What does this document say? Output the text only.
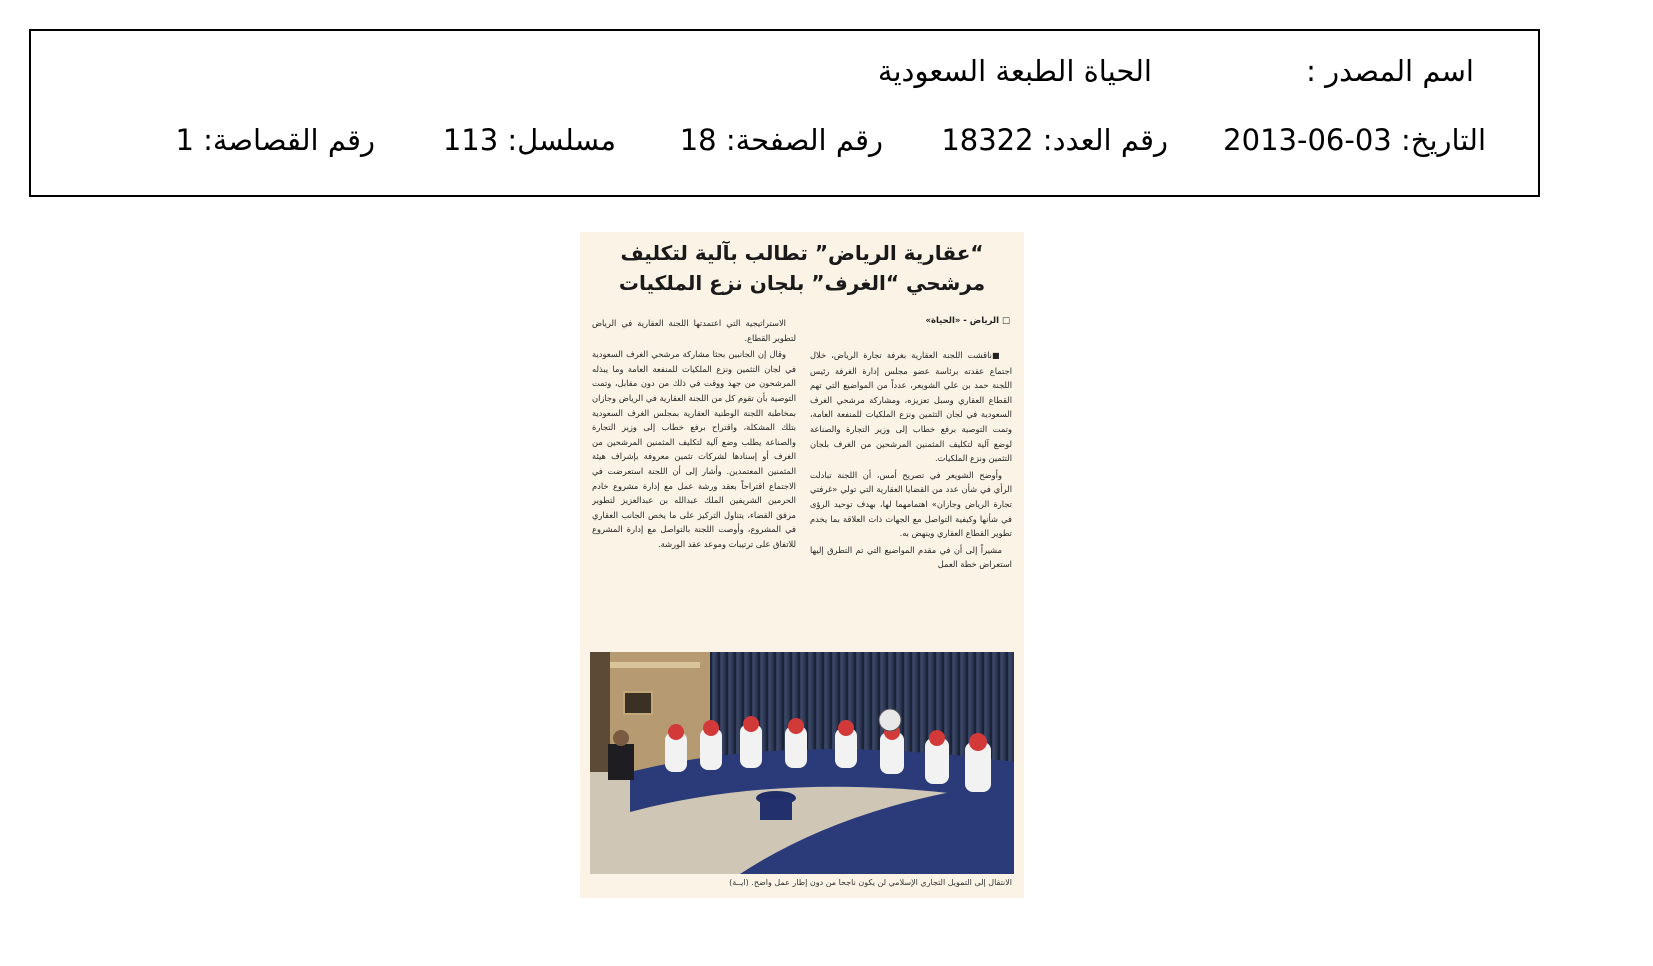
اسم المصدر :
الحياة الطبعة السعودية
التاريخ: 03-06-2013
رقم العدد: 18322
رقم الصفحة: 18
مسلسل: 113
رقم القصاصة: 1
“عقارية الرياض” تطالب بآلية لتكليف
مرشحي “الغرف” بلجان نزع الملكيات
□ الرياض - «الحياة»

■ ناقشت اللجنة العقارية بغرفة تجارة الرياض، خلال اجتماع عقدته برئاسة عضو مجلس إدارة الغرفة رئيس اللجنة حمد بن علي الشويعر، عدداً من المواضيع التي تهم القطاع العقاري وسبل تعزيزه، ومشاركة مرشحي الغرف السعودية في لجان التثمين ونزع الملكيات للمنفعة العامة، وتمت التوصية برفع خطاب إلى وزير التجارة والصناعة لوضع آلية لتكليف المثمنين المرشحين من الغرف بلجان التثمين ونزع الملكيات.

وأوضح الشويعر في تصريح أمس، أن اللجنة تبادلت الرأي في شأن عدد من القضايا العقارية التي تولي «غرفتي تجارة الرياض وجازان» اهتمامهما لها، بهدف توحيد الرؤى في شأنها وكيفية التواصل مع الجهات ذات العلاقة بما يخدم تطوير القطاع العقاري وينهض به.

مشيراً إلى أن في مقدم المواضيع التي تم التطرق إليها استعراض خطة العمل

الاستراتيجية التي اعتمدتها اللجنة العقارية في الرياض لتطوير القطاع.

وقال إن الجانبين بحثا مشاركة مرشحي الغرف السعودية في لجان التثمين ونزع الملكيات للمنفعة العامة وما يبذله المرشحون من جهد ووقت في ذلك من دون مقابل، وتمت التوصية بأن تقوم كل من اللجنة العقارية في الرياض وجازان بمخاطبة اللجنة الوطنية العقارية بمجلس الغرف السعودية بتلك المشكلة، واقتراح برفع خطاب إلى وزير التجارة والصناعة يطلب وضع آلية لتكليف المثمنين المرشحين من الغرف أو إسنادها لشركات تثمين معروفة بإشراف هيئة المثمنين المعتمدين. وأشار إلى أن اللجنة استعرضت في الاجتماع اقتراحاً بعقد ورشة عمل مع إدارة مشروع خادم الحرمين الشريفين الملك عبدالله بن عبدالعزيز لتطوير مرفق القضاء، يتناول التركيز على ما يخص الجانب العقاري في المشروع، وأوصت اللجنة بالتواصل مع إدارة المشروع للاتفاق على ترتيبات وموعد عقد الورشة.

الانتقال إلى التمويل التجاري الإسلامي لن يكون ناجحاً من دون إطار عمل واضح. (ايــة)
